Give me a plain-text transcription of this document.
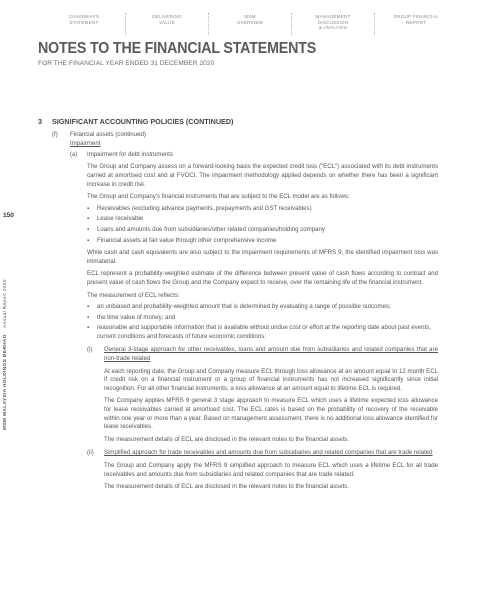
CHAIRMAN'S
STATEMENT
DELIVERING
VALUE
MSM
OVERVIEW
MANAGEMENT DISCUSSION
& ANALYSIS
GROUP FINANCIAL
REPORT
NOTES TO THE FINANCIAL STATEMENTS
FOR THE FINANCIAL YEAR ENDED 31 DECEMBER 2020
150
MSM MALAYSIA HOLDINGS BERHAD    Annual Report 2020
3	SIGNIFICANT ACCOUNTING POLICIES (CONTINUED)
(f)	Financial assets (continued)
Impairment
(a)	Impairment for debt instruments
The Group and Company assess on a forward-looking basis the expected credit loss ("ECL") associated with its debt instruments carried at amortised cost and at FVOCI. The impairment methodology applied depends on whether there has been a significant increase in credit risk.
The Group and Company's financial instruments that are subject to the ECL model are as follows:
▪	Receivables (excluding advance payments, prepayments and GST receivables)
▪	Lease receivable
▪	Loans and amounts due from subsidiaries/other related companies/holding company
▪	Financial assets at fair value through other comprehensive income
While cash and cash equivalents are also subject to the impairment requirements of MFRS 9, the identified impairment loss was immaterial.
ECL represent a probability-weighted estimate of the difference between present value of cash flows according to contract and present value of cash flows the Group and the Company expect to receive, over the remaining life of the financial instrument.
The measurement of ECL reflects:
▪	an unbiased and probability-weighted amount that is determined by evaluating a range of possible outcomes;
▪	the time value of money; and
▪	reasonable and supportable information that is available without undue cost or effort at the reporting date about past events, current conditions and forecasts of future economic conditions.
(i)	General 3-stage approach for other receivables, loans and amount due from subsidiaries and related companies that are non-trade related
At each reporting date, the Group and Company measure ECL through loss allowance at an amount equal to 12 month ECL if credit risk on a financial instrument or a group of financial instruments has not increased significantly since initial recognition. For all other financial instruments, a loss allowance at an amount equal to lifetime ECL is required.
The Company applies MFRS 9 general 3 stage approach to measure ECL which uses a lifetime expected loss allowance for lease receivables carried at amortised cost. The ECL rates is based on the probability of recovery of the receivable within one year or more than a year. Based on management assessment, there is no additional loss allowance identified for lease receivables.
The measurement details of ECL are disclosed in the relevant notes to the financial assets.
(ii)	Simplified approach for trade receivables and amounts due from subsidiaries and related companies that are trade related
The Group and Company apply the MFRS 9 simplified approach to measure ECL which uses a lifetime ECL for all trade receivables and amounts due from subsidiaries and related companies that are trade related.
The measurement details of ECL are disclosed in the relevant notes to the financial assets.
